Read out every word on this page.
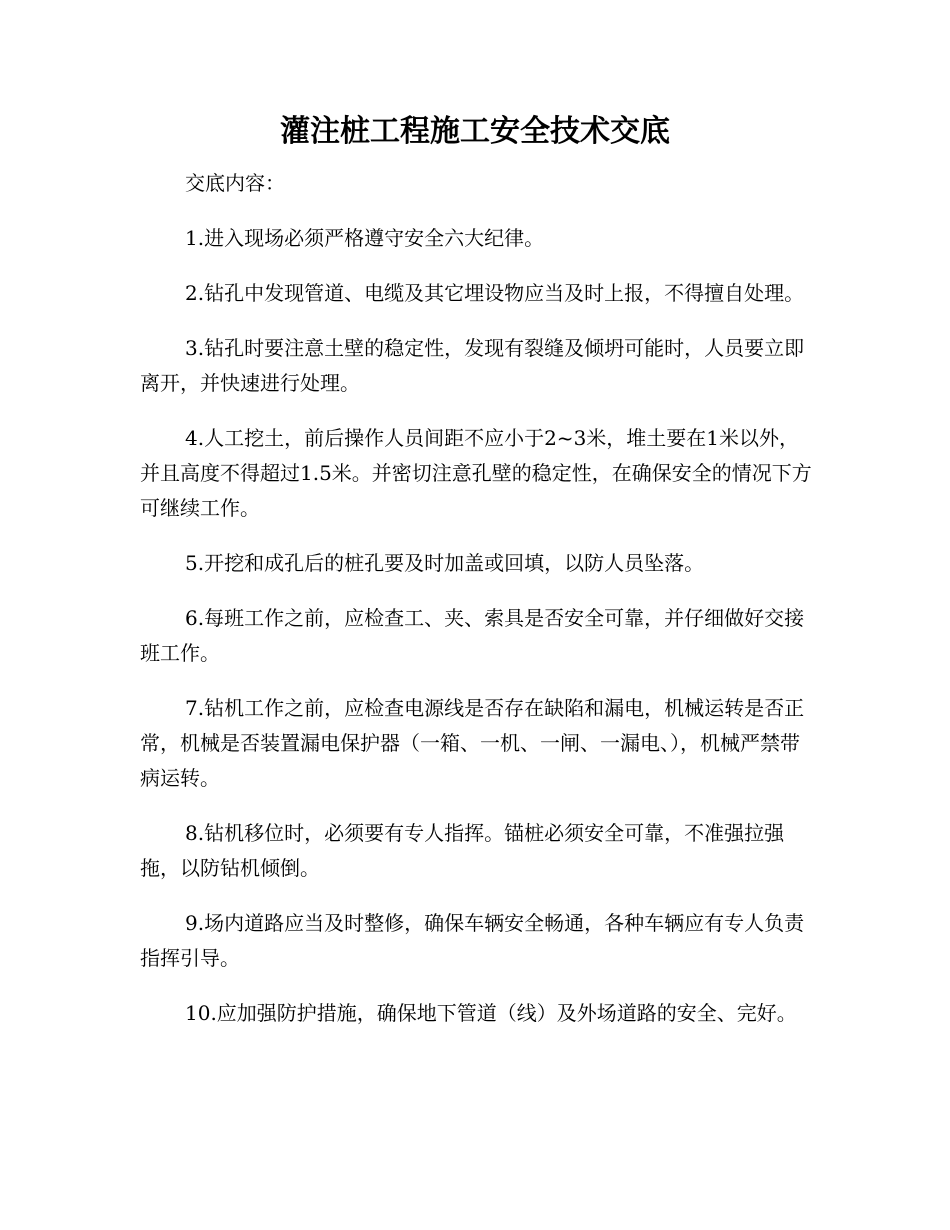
灌注桩工程施工安全技术交底

交底内容：

1.进入现场必须严格遵守安全六大纪律。

2.钻孔中发现管道、电缆及其它埋设物应当及时上报，不得擅自处理。

3.钻孔时要注意土壁的稳定性，发现有裂缝及倾坍可能时，人员要立即离开，并快速进行处理。

4.人工挖土，前后操作人员间距不应小于2~3米，堆土要在1米以外，并且高度不得超过1.5米。并密切注意孔壁的稳定性，在确保安全的情况下方可继续工作。

5.开挖和成孔后的桩孔要及时加盖或回填，以防人员坠落。

6.每班工作之前，应检查工、夹、索具是否安全可靠，并仔细做好交接班工作。

7.钻机工作之前，应检查电源线是否存在缺陷和漏电，机械运转是否正常，机械是否装置漏电保护器（一箱、一机、一闸、一漏电、），机械严禁带病运转。

8.钻机移位时，必须要有专人指挥。锚桩必须安全可靠，不准强拉强拖，以防钻机倾倒。

9.场内道路应当及时整修，确保车辆安全畅通，各种车辆应有专人负责指挥引导。

10.应加强防护措施，确保地下管道（线）及外场道路的安全、完好。
